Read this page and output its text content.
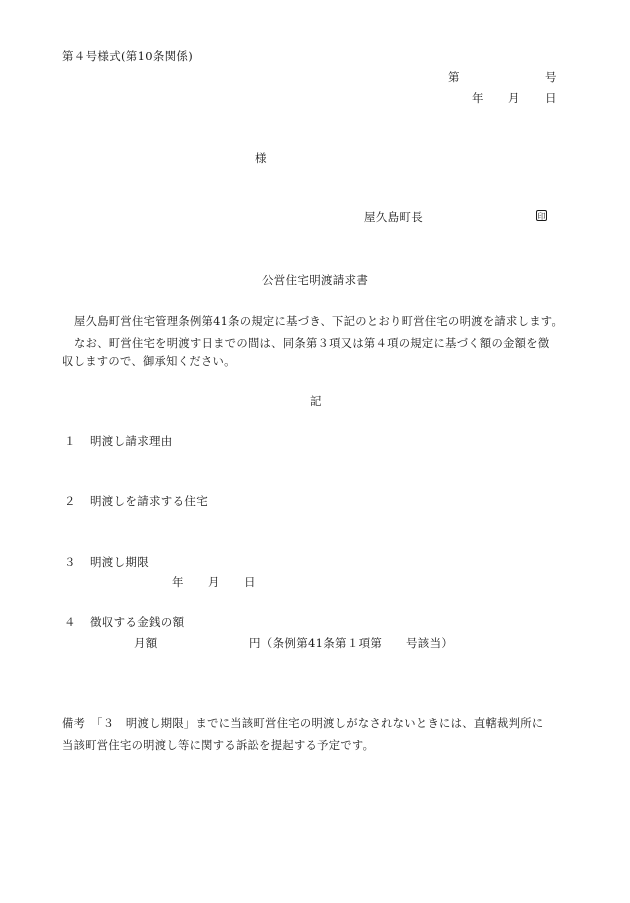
第４号様式(第10条関係)
第	号
年 月 日
様
屋久島町長	印
公営住宅明渡請求書
屋久島町営住宅管理条例第41条の規定に基づき、下記のとおり町営住宅の明渡を請求します。
なお、町営住宅を明渡す日までの間は、同条第３項又は第４項の規定に基づく額の金額を徴
収しますので、御承知ください。
記
１ 明渡し請求理由
２ 明渡しを請求する住宅
３ 明渡し期限
年 月 日
４ 徴収する金銭の額
月額	円（条例第41条第１項第 号該当）
備考　「３　明渡し期限」までに当該町営住宅の明渡しがなされないときには、直轄裁判所に
当該町営住宅の明渡し等に関する訴訟を提起する予定です。
